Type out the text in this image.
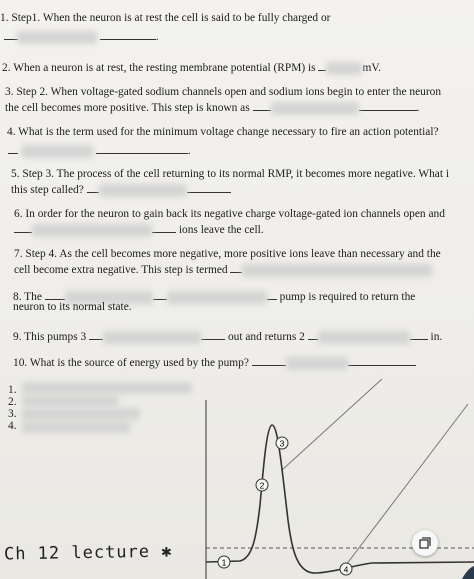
1. Step1. When the neuron is at rest the cell is said to be fully charged or
.
2. When a neuron is at rest, the resting membrane potential (RPM) is	mV.
3. Step 2. When voltage-gated sodium channels open and sodium ions begin to enter the neuron
the cell becomes more positive. This step is known as	.
4. What is the term used for the minimum voltage change necessary to fire an action potential?
.
5. Step 3. The process of the cell returning to its normal RMP, it becomes more negative. What i
this step called?
6. In order for the neuron to gain back its negative charge voltage-gated ion channels open and
ions leave the cell.
7. Step 4. As the cell becomes more negative, more positive ions leave than necessary and the
cell become extra negative. This step is termed
8. The	pump is required to return the
neuron to its normal state.
9. This pumps 3	out and returns 2	in.
10. What is the source of energy used by the pump?
1.
2.
3.
4.
1
2
3
4
Ch 12 lecture ✱
